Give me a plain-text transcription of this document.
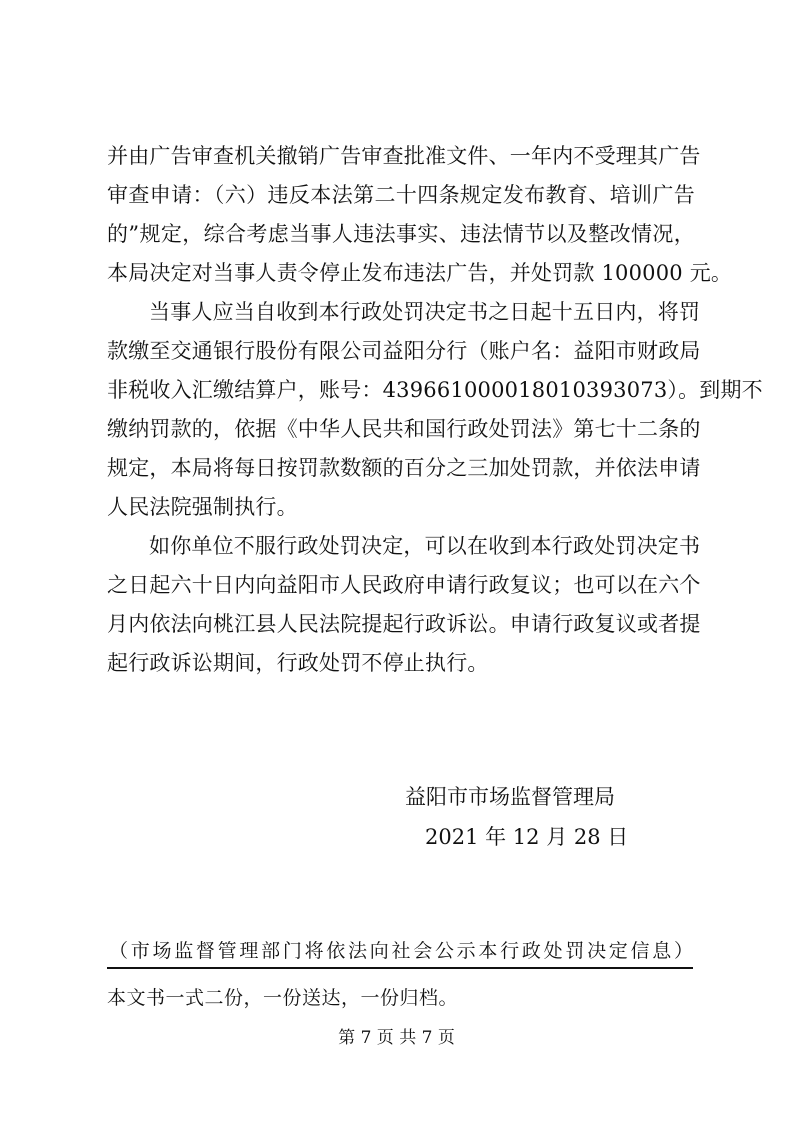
并由广告审查机关撤销广告审查批准文件、一年内不受理其广告
审查申请：（六）违反本法第二十四条规定发布教育、培训广告
的”规定，综合考虑当事人违法事实、违法情节以及整改情况，
本局决定对当事人责令停止发布违法广告，并处罚款 100000 元。
当事人应当自收到本行政处罚决定书之日起十五日内，将罚
款缴至交通银行股份有限公司益阳分行（账户名：益阳市财政局
非税收入汇缴结算户，账号：43966100001801039307​3）。到期不
缴纳罚款的，依据《中华人民共和国行政处罚法》第七十二条的
规定，本局将每日按罚款数额的百分之三加处罚款，并依法申请
人民法院强制执行。
如你单位不服行政处罚决定，可以在收到本行政处罚决定书
之日起六十日内向益阳市人民政府申请行政复议；也可以在六个
月内依法向桃江县人民法院提起行政诉讼。申请行政复议或者提
起行政诉讼期间，行政处罚不停止执行。
益阳市市场监督管理局
2021 年 12 月 28 日
（市场监督管理部门将依法向社会公示本行政处罚决定信息）
本文书一式二份，一份送达，一份归档。
第 7 页 共 7 页
